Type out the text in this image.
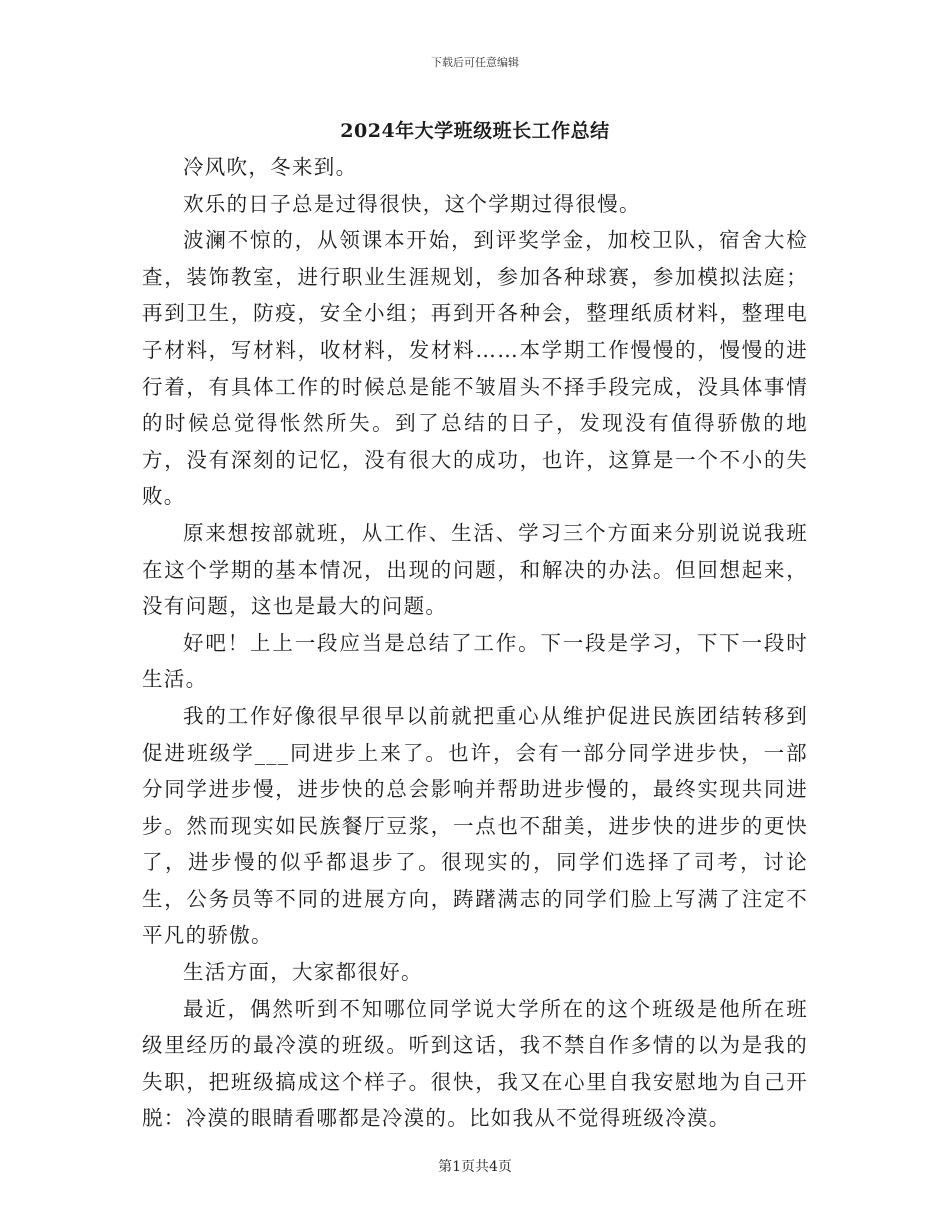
下载后可任意编辑
2024年大学班级班长工作总结

冷风吹，冬来到。

欢乐的日子总是过得很快，这个学期过得很慢。

波澜不惊的，从领课本开始，到评奖学金，加校卫队，宿舍大检查，装饰教室，进行职业生涯规划，参加各种球赛，参加模拟法庭；再到卫生，防疫，安全小组；再到开各种会，整理纸质材料，整理电子材料，写材料，收材料，发材料……本学期工作慢慢的，慢慢的进行着，有具体工作的时候总是能不皱眉头不择手段完成，没具体事情的时候总觉得怅然所失。到了总结的日子，发现没有值得骄傲的地方，没有深刻的记忆，没有很大的成功，也许，这算是一个不小的失败。

原来想按部就班，从工作、生活、学习三个方面来分别说说我班在这个学期的基本情况，出现的问题，和解决的办法。但回想起来，没有问题，这也是最大的问题。

好吧！上上一段应当是总结了工作。下一段是学习，下下一段时生活。

我的工作好像很早很早以前就把重心从维护促进民族团结转移到促进班级学___同进步上来了。也许，会有一部分同学进步快，一部分同学进步慢，进步快的总会影响并帮助进步慢的，最终实现共同进步。然而现实如民族餐厅豆浆，一点也不甜美，进步快的进步的更快了，进步慢的似乎都退步了。很现实的，同学们选择了司考，讨论生，公务员等不同的进展方向，踌躇满志的同学们脸上写满了注定不平凡的骄傲。

生活方面，大家都很好。

最近，偶然听到不知哪位同学说大学所在的这个班级是他所在班级里经历的最冷漠的班级。听到这话，我不禁自作多情的以为是我的失职，把班级搞成这个样子。很快，我又在心里自我安慰地为自己开脱：冷漠的眼睛看哪都是冷漠的。比如我从不觉得班级冷漠。

第1页共4页
